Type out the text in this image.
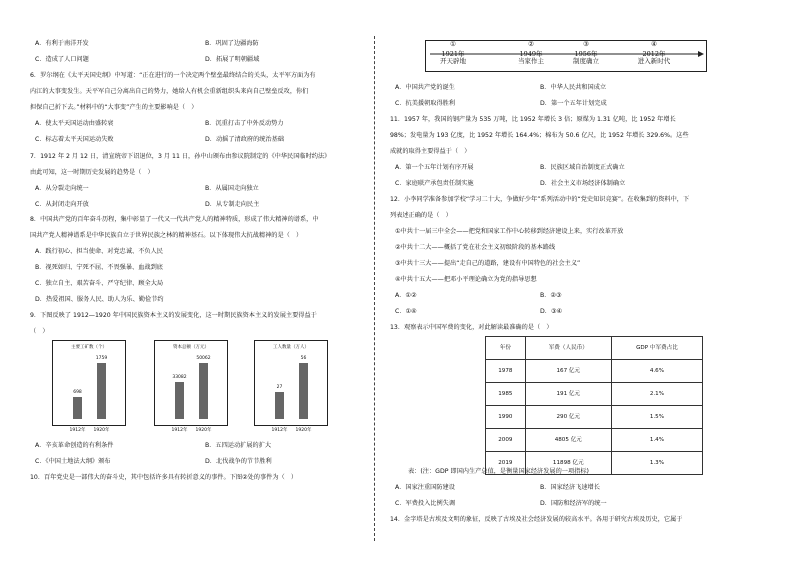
A．有利于南洋开发	B．巩固了边疆海防
C．造成了人口问题	D．拓展了明朝疆域
6．罗尔纲在《太平天国史纲》中写道：“正在进行的一个决定两个壁垒最终结合的关头，太平军方面为有
内江的大事变发生。天平军自己分离出自己的势力，她给人有机会重新组织头来向自己壁垒反攻，你们
担保自己折下去。”材料中的“大事变”产生的主要影响是（　）
A．使太平天国运动由盛转衰	B．沉重打击了中外反动势力
C．标志着太平天国运动失败	D．动摇了清政府的统治基础
7．1912 年 2 月 12 日，清宣统帝下诏退位，3 月 11 日，孙中山颁布由参议院制定的《中华民国临时约法》
由此可知，这一时期历史发展的趋势是（　）
A．从分裂走向统一	B．从属国走向独立
C．从封闭走向开放	D．从专制走向民主
8．中国共产党的百年奋斗历程，集中彰显了一代又一代共产党人的精神特质，形成了伟大精神的谱系，中
国共产党人精神谱系是中华民族自立于世界民族之林的精神基石。以下体现伟大抗战精神的是（　）
A．践行初心、担当使命、对党忠诚、不负人民
B．视死如归、宁死不屈、不畏强暴、血战到底
C．独立自主、艰苦奋斗、严守纪律、顾全大局
D．热爱祖国、服务人民、助人为乐、勤俭节约
9．下图反映了 1912—1920 年中国民族资本主义的发展变化，这一时期民族资本主义的发展主要得益于
（　）
主要工矿数（个）
698
1912年
1759
1920年
资本总额（万元）
33082
1912年
50062
1920年
工人数量（万人）
27
1912年
56
1920年
A．辛亥革命创造的有利条件	B．五四运动扩展的扩大
C．《中国土地法大纲》颁布	D．北伐战争的节节胜利
10．百年党史是一部伟大的奋斗史，其中包括许多具有转折意义的事件。下图②处的事件为（　）
①
1921年
开天辟地
②
1949年
当家作主
③
1956年
制度确立
④
2012年
进入新时代
A．中国共产党的诞生	B．中华人民共和国成立
C．抗美援朝取得胜利	D．第一个五年计划完成
11．1957 年，我国的钢产量为 535 万吨，比 1952 年增长 3 倍；原煤为 1.31 亿吨，比 1952 年增长
98%；发电量为 193 亿度，比 1952 年增长 164.4%；棉布为 50.6 亿尺，比 1952 年增长 329.6%。这些
成就的取得主要得益于（　）
A．第一个五年计划有序开展	B．民族区域自治制度正式确立
C．家庭联产承包责任制实施	D．社会主义市场经济体制确立
12．小李同学准备参加学校“学习二十大，争做好少年”系列活动中的“党史知识竞赛”。在收集到的资料中，下
列表述正确的是（　）
①中共十一届三中全会——把党和国家工作中心转移到经济建设上来，实行改革开放
②中共十二大——概括了党在社会主义初级阶段的基本路线
③中共十三大——提出“走自己的道路，建设有中国特色的社会主义”
④中共十五大——把邓小平理论确立为党的指导思想
A．①②	B．②③
C．①④	D．③④
13．观察表示中国军费的变化，对此解读最准确的是（　）
年份	军费（人民币）	GDP 中军费占比
1978	167 亿元	4.6%
1985	191 亿元	2.1%
1990	290 亿元	1.5%
2009	4805 亿元	1.4%
2019	11898 亿元	1.3%
表：(注：GDP 即国内生产总值，是衡量国家经济发展的一项指标)
A．国家注重国防建设	B．国家经济飞速增长
C．军费投入比例失调	D．国防和经济军的统一
14．金字塔是古埃及文明的象征，反映了古埃及社会经济发展的较高水平。各用于研究古埃及历史，它属于
